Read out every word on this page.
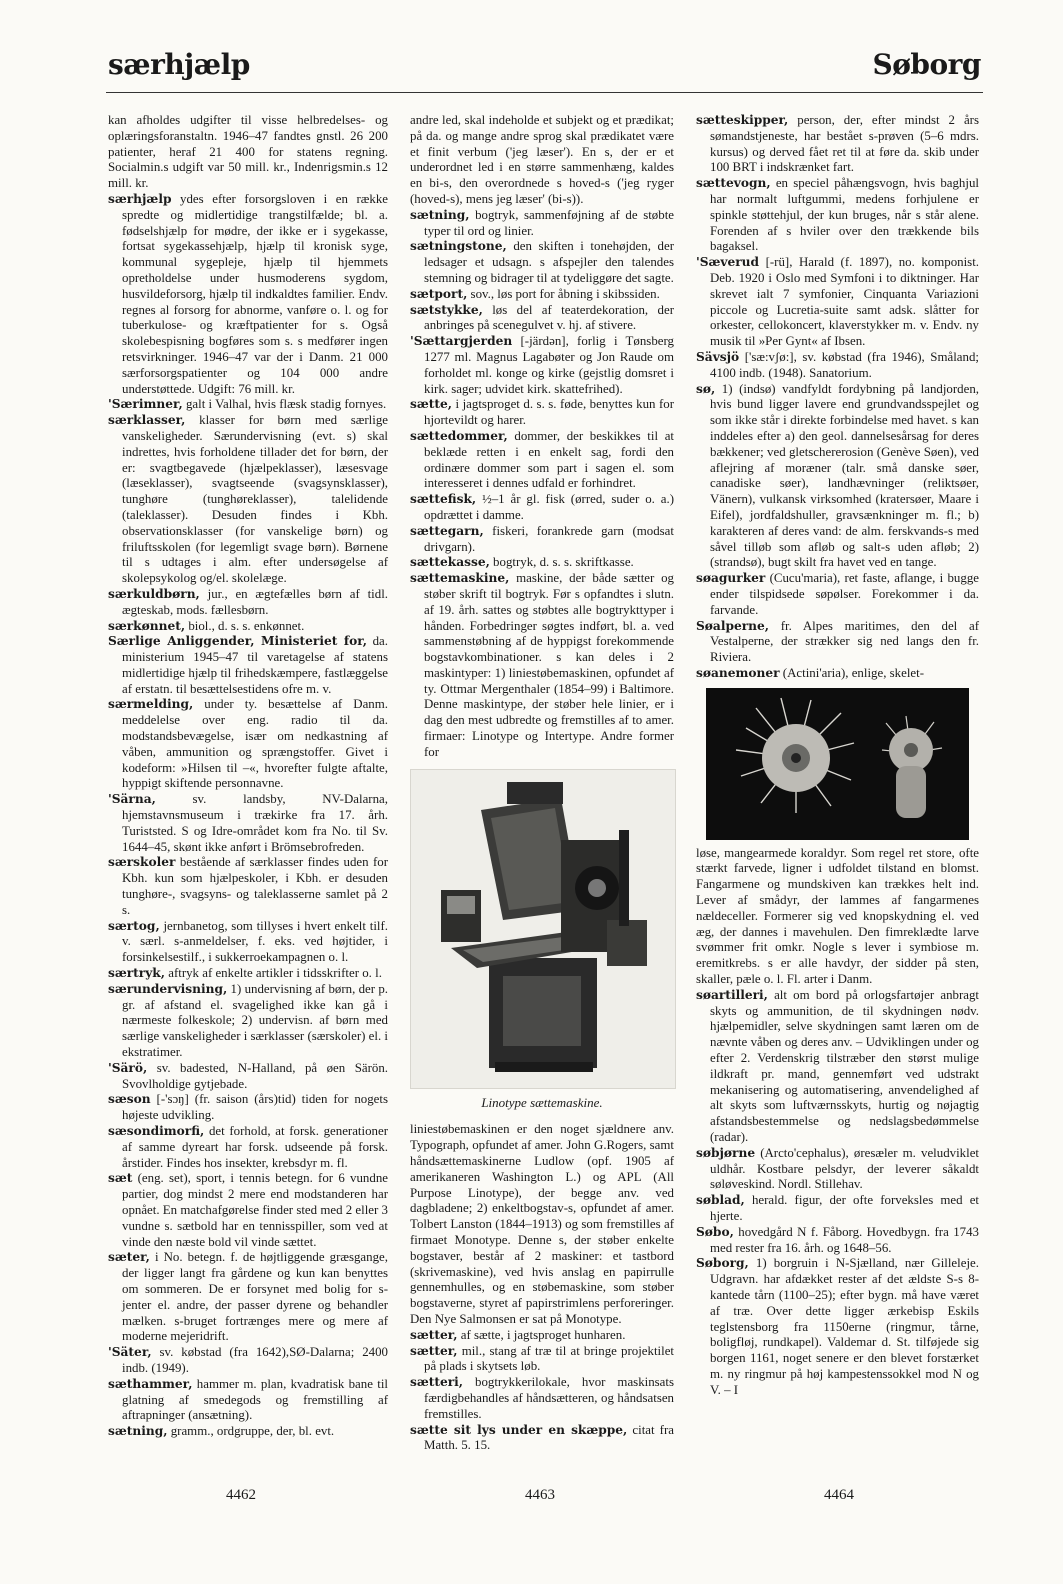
særhjælp	Søborg

kan afholdes udgifter til visse helbredelses- og oplæringsforanstaltn. 1946–47 fandtes gnstl. 26 200 patienter, heraf 21 400 for statens regning. Socialmin.s udgift var 50 mill. kr., Indenrigsmin.s 12 mill. kr.

særhjælp ydes efter forsorgsloven i en række spredte og midlertidige trangstilfælde; bl. a. fødselshjælp for mødre, der ikke er i sygekasse, fortsat sygekassehjælp, hjælp til kronisk syge, kommunal sygepleje, hjælp til hjemmets opretholdelse under husmoderens sygdom, husvildeforsorg, hjælp til indkaldtes familier. Endv. regnes al forsorg for abnorme, vanføre o. l. og for tuberkulose- og kræftpatienter for s. Også skolebespisning bogføres som s. s medfører ingen retsvirkninger. 1946–47 var der i Danm. 21 000 særforsorgspatienter og 104 000 andre understøttede. Udgift: 76 mill. kr.

'Særimner, galt i Valhal, hvis flæsk stadig fornyes.

særklasser, klasser for børn med særlige vanskeligheder. Særundervisning (evt. s) skal indrettes, hvis forholdene tillader det for børn, der er: svagtbegavede (hjælpeklasser), læsesvage (læseklasser), svagtseende (svagsynsklasser), tunghøre (tunghøreklasser), talelidende (taleklasser). Desuden findes i Kbh. observationsklasser (for vanskelige børn) og friluftsskolen (for legemligt svage børn). Børnene til s udtages i alm. efter undersøgelse af skolepsykolog og/el. skolelæge.

særkuldbørn, jur., en ægtefælles børn af tidl. ægteskab, mods. fællesbørn.

særkønnet, biol., d. s. s. enkønnet.

Særlige Anliggender, Ministeriet for, da. ministerium 1945–47 til varetagelse af statens midlertidige hjælp til frihedskæmpere, fastlæggelse af erstatn. til besættelsestidens ofre m. v.

særmelding, under ty. besættelse af Danm. meddelelse over eng. radio til da. modstandsbevægelse, især om nedkastning af våben, ammunition og sprængstoffer. Givet i kodeform: »Hilsen til –«, hvorefter fulgte aftalte, hyppigt skiftende personnavne.

'Särna, sv. landsby, NV-Dalarna, hjemstavnsmuseum i trækirke fra 17. årh. Turiststed. S og Idre-området kom fra No. til Sv. 1644–45, skønt ikke anført i Brömsebrofreden.

særskoler bestående af særklasser findes uden for Kbh. kun som hjælpeskoler, i Kbh. er desuden tunghøre-, svagsyns- og taleklasserne samlet på 2 s.

særtog, jernbanetog, som tillyses i hvert enkelt tilf. v. særl. s-anmeldelser, f. eks. ved højtider, i forsinkelsestilf., i sukkerroekampagnen o. l.

særtryk, aftryk af enkelte artikler i tidsskrifter o. l.

særundervisning, 1) undervisning af børn, der p. gr. af afstand el. svagelighed ikke kan gå i nærmeste folkeskole; 2) undervisn. af børn med særlige vanskeligheder i særklasser (særskoler) el. i ekstratimer.

'Särö, sv. badested, N-Halland, på øen Särön. Svovlholdige gytjebade.

sæson [-'sɔŋ] (fr. saison (års)tid) tiden for nogets højeste udvikling.

sæsondimorfi, det forhold, at forsk. generationer af samme dyreart har forsk. udseende på forsk. årstider. Findes hos insekter, krebsdyr m. fl.

sæt (eng. set), sport, i tennis betegn. for 6 vundne partier, dog mindst 2 mere end modstanderen har opnået. En matchafgørelse finder sted med 2 eller 3 vundne s. sætbold har en tennisspiller, som ved at vinde den næste bold vil vinde sættet.

sæter, i No. betegn. f. de højtliggende græsgange, der ligger langt fra gårdene og kun kan benyttes om sommeren. De er forsynet med bolig for s-jenter el. andre, der passer dyrene og behandler mælken. s-bruget fortrænges mere og mere af moderne mejeridrift.

'Säter, sv. købstad (fra 1642),SØ-Dalarna; 2400 indb. (1949).

sæthammer, hammer m. plan, kvadratisk bane til glatning af smedegods og fremstilling af aftrapninger (ansætning).

sætning, gramm., ordgruppe, der, bl. evt.

andre led, skal indeholde et subjekt og et prædikat; på da. og mange andre sprog skal prædikatet være et finit verbum ('jeg læser'). En s, der er et underordnet led i en større sammenhæng, kaldes en bi-s, den overordnede s hoved-s ('jeg ryger (hoved-s), mens jeg læser' (bi-s)).

sætning, bogtryk, sammenføjning af de støbte typer til ord og linier.

sætningstone, den skiften i tonehøjden, der ledsager et udsagn. s afspejler den talendes stemning og bidrager til at tydeliggøre det sagte.

sætport, sov., løs port for åbning i skibssiden.

sætstykke, løs del af teaterdekoration, der anbringes på scenegulvet v. hj. af stivere.

'Sættargjerden [-järdən], forlig i Tønsberg 1277 ml. Magnus Lagabøter og Jon Raude om forholdet ml. konge og kirke (gejstlig domsret i kirk. sager; udvidet kirk. skattefrihed).

sætte, i jagtsproget d. s. s. føde, benyttes kun for hjortevildt og harer.

sættedommer, dommer, der beskikkes til at beklæde retten i en enkelt sag, fordi den ordinære dommer som part i sagen el. som interesseret i dennes udfald er forhindret.

sættefisk, ½–1 år gl. fisk (ørred, suder o. a.) opdrættet i damme.

sættegarn, fiskeri, forankrede garn (modsat drivgarn).

sættekasse, bogtryk, d. s. s. skriftkasse.

sættemaskine, maskine, der både sætter og støber skrift til bogtryk. Før s opfandtes i slutn. af 19. årh. sattes og støbtes alle bogtrykttyper i hånden. Forbedringer søgtes indført, bl. a. ved sammenstøbning af de hyppigst forekommende bogstavkombinationer. s kan deles i 2 maskintyper: 1) liniestøbemaskinen, opfundet af ty. Ottmar Mergenthaler (1854–99) i Baltimore. Denne maskintype, der støber hele linier, er i dag den mest udbredte og fremstilles af to amer. firmaer: Linotype og Intertype. Andre former for

Linotype sættemaskine.

liniestøbemaskinen er den noget sjældnere anv. Typograph, opfundet af amer. John G.Rogers, samt håndsættemaskinerne Ludlow (opf. 1905 af amerikaneren Washington L.) og APL (All Purpose Linotype), der begge anv. ved dagbladene; 2) enkeltbogstav-s, opfundet af amer. Tolbert Lanston (1844–1913) og som fremstilles af firmaet Monotype. Denne s, der støber enkelte bogstaver, består af 2 maskiner: et tastbord (skrivemaskine), ved hvis anslag en papirrulle gennemhulles, og en støbemaskine, som støber bogstaverne, styret af papirstrimlens perforeringer. Den Nye Salmonsen er sat på Monotype.

sætter, af sætte, i jagtsproget hunharen.

sætter, mil., stang af træ til at bringe projektilet på plads i skytsets løb.

sætteri, bogtrykkerilokale, hvor maskinsats færdigbehandles af håndsætteren, og håndsatsen fremstilles.

sætte sit lys under en skæppe, citat fra Matth. 5. 15.

sætteskipper, person, der, efter mindst 2 års sømandstjeneste, har bestået s-prøven (5–6 mdrs. kursus) og derved fået ret til at føre da. skib under 100 BRT i indskrænket fart.

sættevogn, en speciel påhængsvogn, hvis baghjul har normalt luftgummi, medens forhjulene er spinkle støttehjul, der kun bruges, når s står alene. Forenden af s hviler over den trækkende bils bagaksel.

'Sæverud [-rü], Harald (f. 1897), no. komponist. Deb. 1920 i Oslo med Symfoni i to diktninger. Har skrevet ialt 7 symfonier, Cinquanta Variazioni piccole og Lucretia-suite samt adsk. slåtter for orkester, cellokoncert, klaverstykker m. v. Endv. ny musik til »Per Gynt« af Ibsen.

Sävsjö ['sæ:vʃø:], sv. købstad (fra 1946), Småland; 4100 indb. (1948). Sanatorium.

sø, 1) (indsø) vandfyldt fordybning på landjorden, hvis bund ligger lavere end grundvandsspejlet og som ikke står i direkte forbindelse med havet. s kan inddeles efter a) den geol. dannelsesårsag for deres bækkener; ved gletschererosion (Genève Søen), ved aflejring af moræner (talr. små danske søer, canadiske søer), landhævninger (reliktsøer, Vänern), vulkansk virksomhed (kratersøer, Maare i Eifel), jordfaldshuller, gravsænkninger m. fl.; b) karakteren af deres vand: de alm. ferskvands-s med såvel tilløb som afløb og salt-s uden afløb; 2) (strandsø), bugt skilt fra havet ved en tange.

søagurker (Cucu'maria), ret faste, aflange, i bugge ender tilspidsede søpølser. Forekommer i da. farvande.

Søalperne, fr. Alpes maritimes, den del af Vestalperne, der strækker sig ned langs den fr. Riviera.

søanemoner (Actini'aria), enlige, skelet-

løse, mangearmede koraldyr. Som regel ret store, ofte stærkt farvede, ligner i udfoldet tilstand en blomst. Fangarmene og mundskiven kan trækkes helt ind. Lever af smådyr, der lammes af fangarmenes nældeceller. Formerer sig ved knopskydning el. ved æg, der dannes i mavehulen. Den fimreklædte larve svømmer frit omkr. Nogle s lever i symbiose m. eremitkrebs. s er alle havdyr, der sidder på sten, skaller, pæle o. l. Fl. arter i Danm.

søartilleri, alt om bord på orlogsfartøjer anbragt skyts og ammunition, de til skydningen nødv. hjælpemidler, selve skydningen samt læren om de nævnte våben og deres anv. – Udviklingen under og efter 2. Verdenskrig tilstræber den størst mulige ildkraft pr. mand, gennemført ved udstrakt mekanisering og automatisering, anvendelighed af alt skyts som luftværnsskyts, hurtig og nøjagtig afstandsbestemmelse og nedslagsbedømmelse (radar).

søbjørne (Arcto'cephalus), øresæler m. veludviklet uldhår. Kostbare pelsdyr, der leverer såkaldt søløveskind. Nordl. Stillehav.

søblad, herald. figur, der ofte forveksles med et hjerte.

Søbo, hovedgård N f. Fåborg. Hovedbygn. fra 1743 med rester fra 16. årh. og 1648–56.

Søborg, 1) borgruin i N-Sjælland, nær Gilleleje. Udgravn. har afdækket rester af det ældste S-s 8-kantede tårn (1100–25); efter bygn. må have været af træ. Over dette ligger ærkebisp Eskils teglstensborg fra 1150erne (ringmur, tårne, boligfløj, rundkapel). Valdemar d. St. tilføjede sig borgen 1161, noget senere er den blevet forstærket m. ny ringmur på høj kampestenssokkel mod N og V. – I

4462	4463	4464
